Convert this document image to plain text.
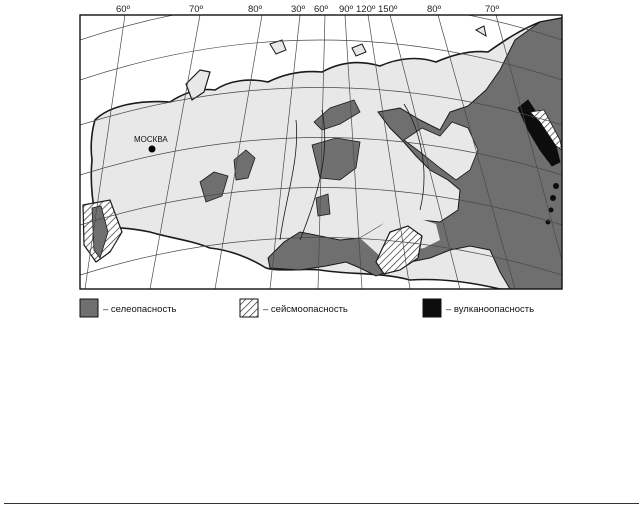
60º	70º	80º	30º 60º 90º 120º 150º	80º	70º
МОСКВА
– селеопасность	– сейсмоопасность	– вулканоопасность
